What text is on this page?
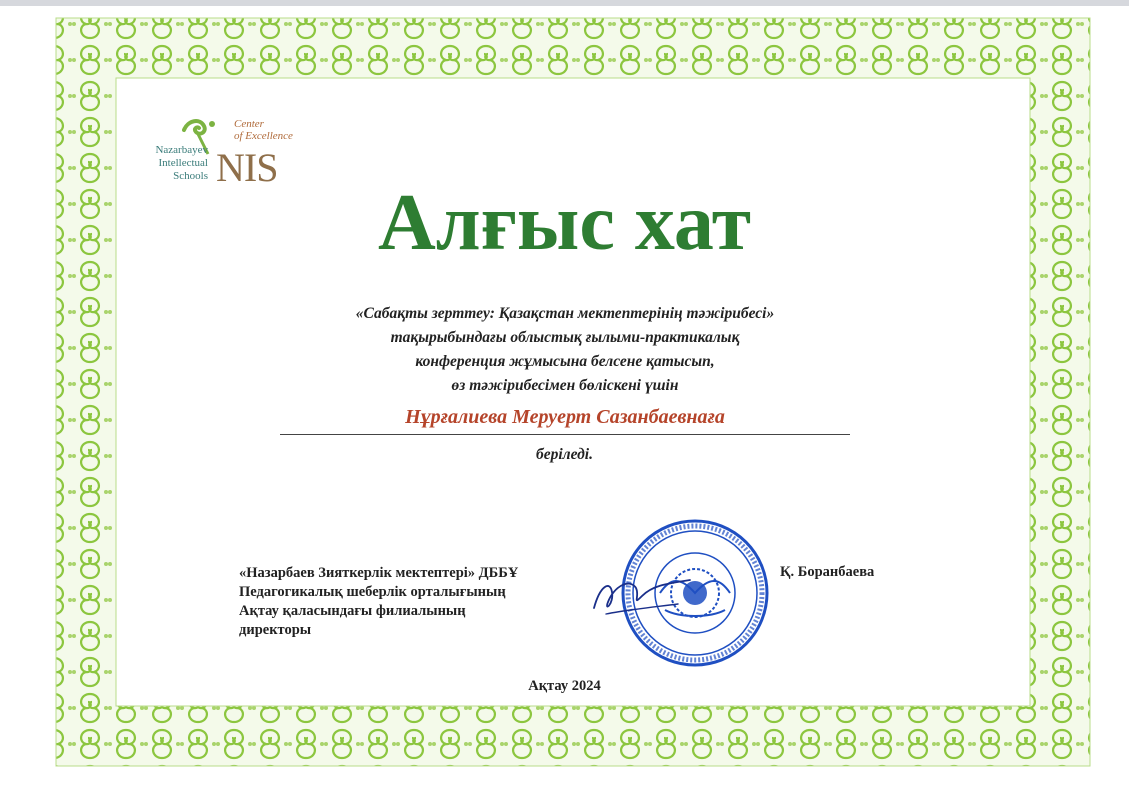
Nazarbayev
Intellectual
Schools NIS
Center
of Excellence
Алғыс хат
«Сабақты зерттеу: Қазақстан мектептерінің тәжірибесі»
тақырыбындағы облыстық ғылыми-практикалық
конференция жұмысына белсене қатысып,
өз тәжірибесімен бөліскені үшін
Нұрғалиева Меруерт Сазанбаевнаға
беріледі.
«Назарбаев Зияткерлік мектептері» ДББҰ
Педагогикалық шеберлік орталығының
Ақтау қаласындағы филиалының
директоры
Қ. Боранбаева
Ақтау 2024
